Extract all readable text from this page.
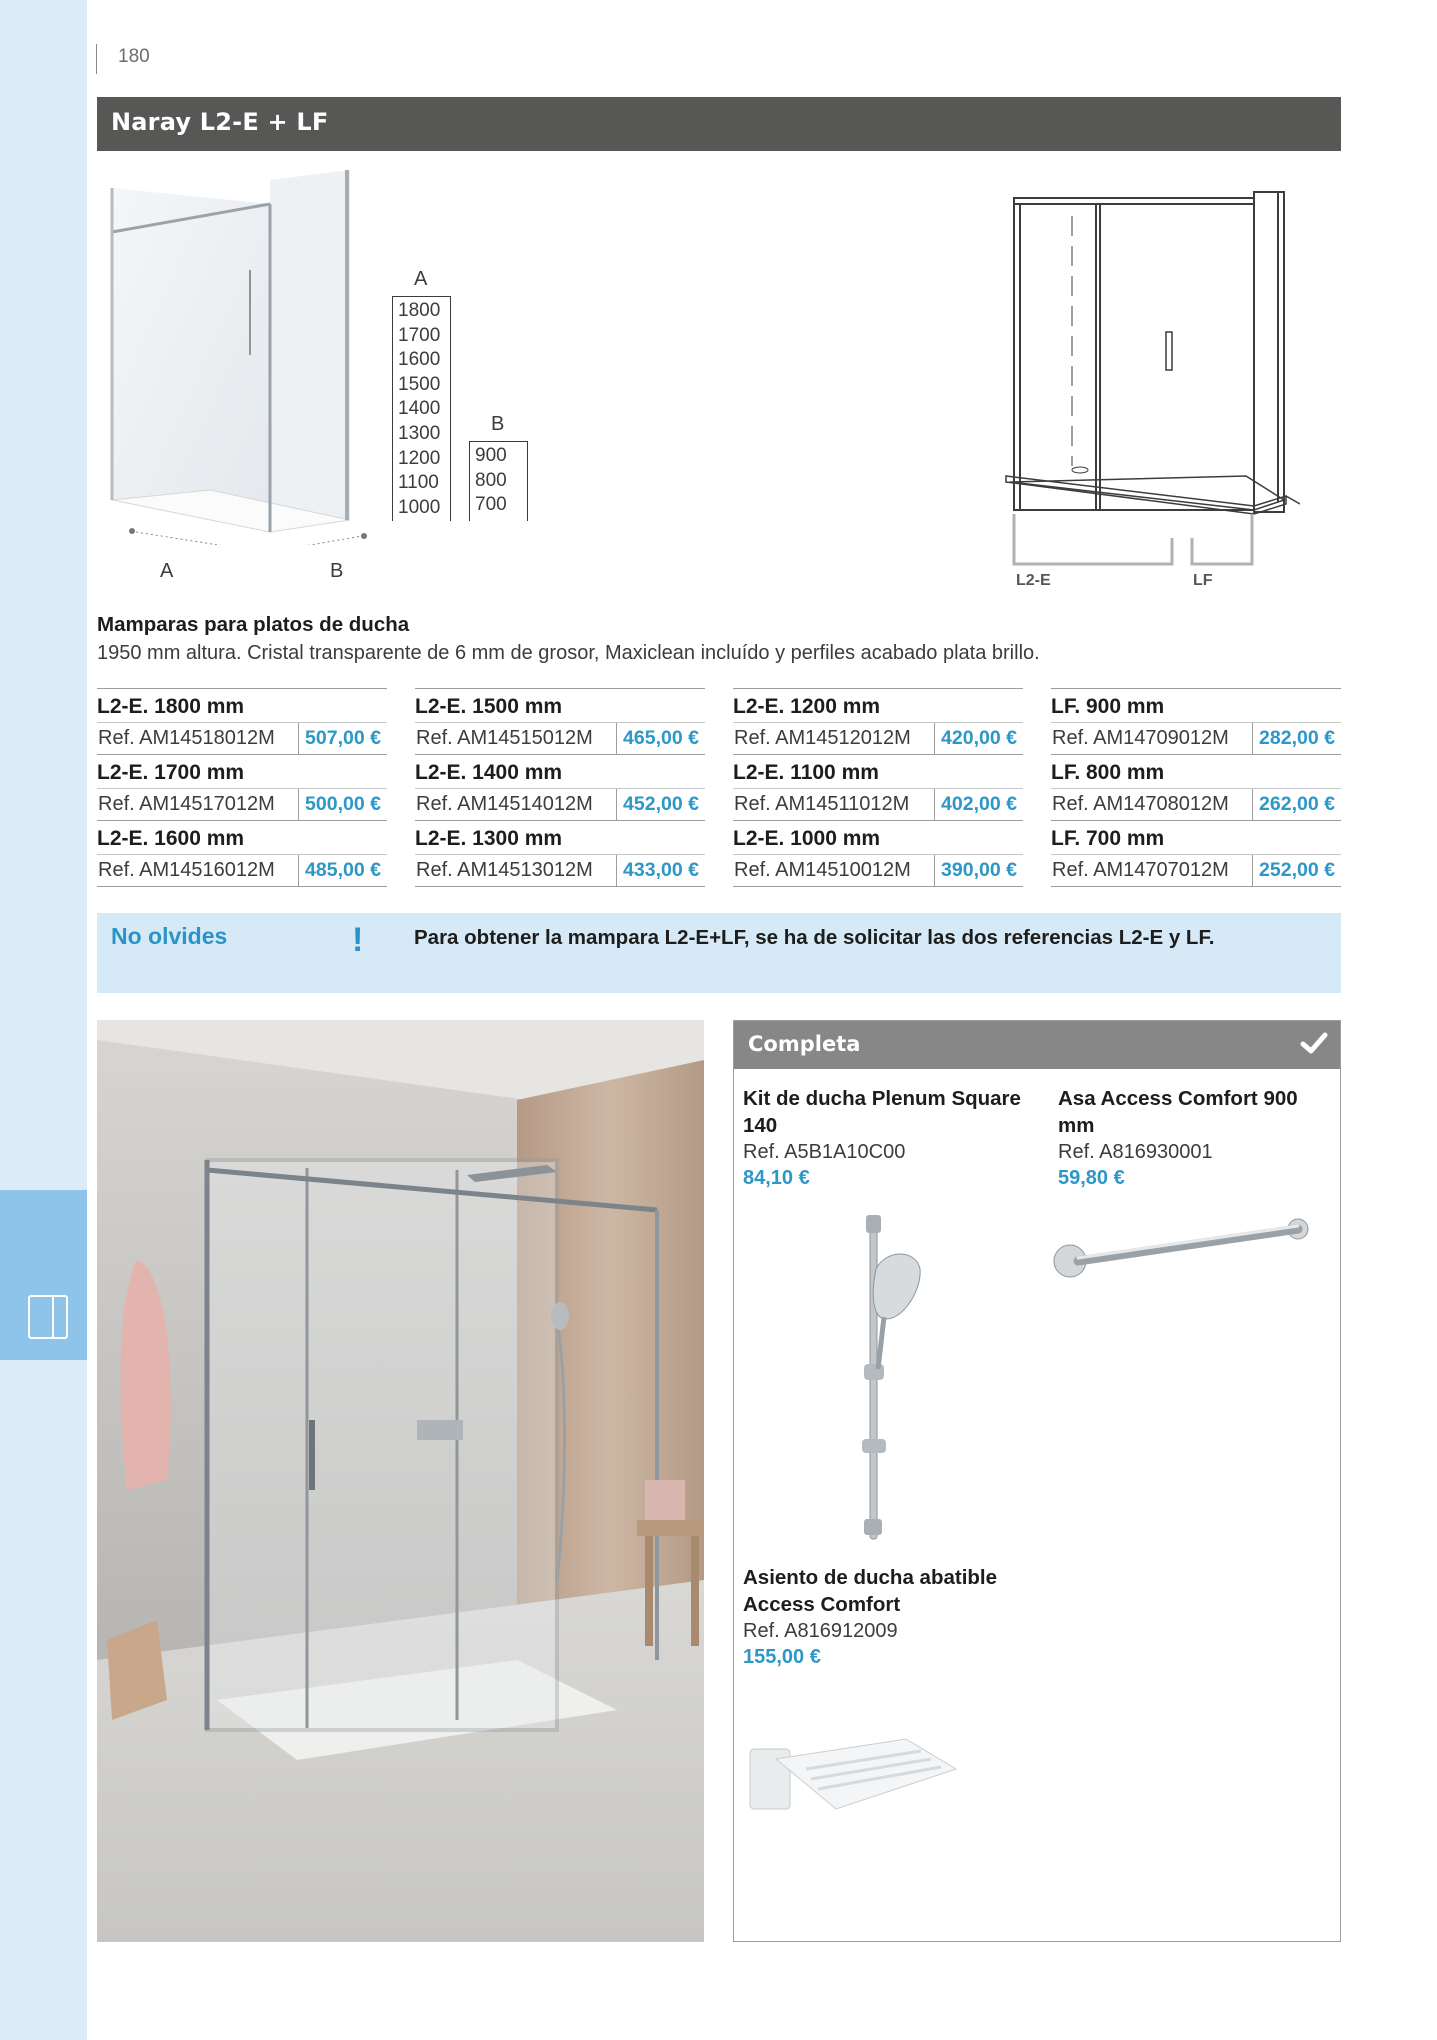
180
Naray L2-E + LF
A	B
A
1800
1700
1600
1500
1400
1300
1200
1100
1000
B
900
800
700
L2-E	LF
Mamparas para platos de ducha
1950 mm altura. Cristal transparente de 6 mm de grosor, Maxiclean incluído y perfiles acabado plata brillo.
L2-E. 1800 mm
Ref. AM14518012M	507,00 €
L2-E. 1700 mm
Ref. AM14517012M	500,00 €
L2-E. 1600 mm
Ref. AM14516012M	485,00 €
L2-E. 1500 mm
Ref. AM14515012M	465,00 €
L2-E. 1400 mm
Ref. AM14514012M	452,00 €
L2-E. 1300 mm
Ref. AM14513012M	433,00 €
L2-E. 1200 mm
Ref. AM14512012M	420,00 €
L2-E. 1100 mm
Ref. AM14511012M	402,00 €
L2-E. 1000 mm
Ref. AM14510012M	390,00 €
LF. 900 mm
Ref. AM14709012M	282,00 €
LF. 800 mm
Ref. AM14708012M	262,00 €
LF. 700 mm
Ref. AM14707012M	252,00 €
No olvides	! Para obtener la mampara L2-E+LF, se ha de solicitar las dos referencias L2-E y LF.
Completa
Kit de ducha Plenum Square 140
Ref. A5B1A10C00
84,10 €
Asa Access Comfort 900 mm
Ref. A816930001
59,80 €
Asiento de ducha abatible Access Comfort
Ref. A816912009
155,00 €
